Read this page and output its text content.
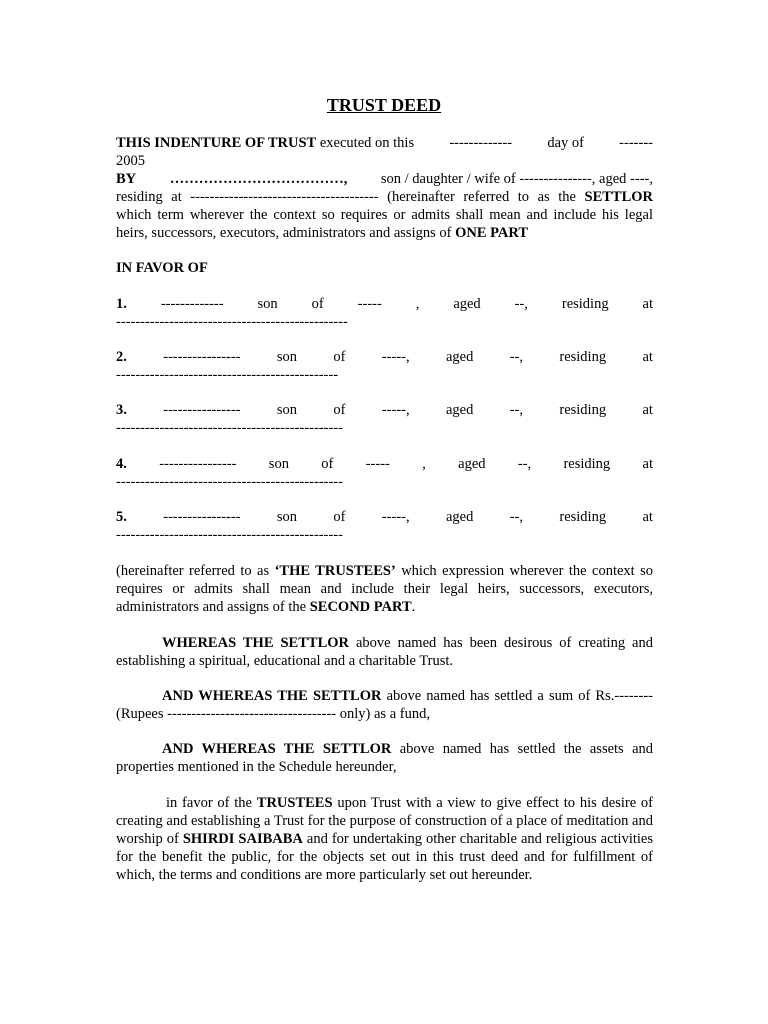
TRUST DEED
THIS INDENTURE OF TRUST executed on this ------------- day of -------
2005
BY ………………………………, son / daughter / wife of ---------------, aged ----,
residing at --------------------------------------- (hereinafter referred to as the SETTLOR
which term wherever the context so requires or admits shall mean and include his legal
heirs, successors, executors, administrators and assigns of ONE PART
IN FAVOR OF
1. ------------- son of ----- , aged --, residing at
------------------------------------------------
2.	----------------	son	of	-----,	aged	--,	residing	at
----------------------------------------------
3.	----------------	son	of	-----,	aged	--,	residing	at
-----------------------------------------------
4. ---------------- son of ----- , aged --, residing at
-----------------------------------------------
5.	----------------	son	of	-----,	aged	--,	residing	at
-----------------------------------------------
(hereinafter referred to as ‘THE TRUSTEES’ which expression wherever the context so requires or admits shall mean and include their legal heirs, successors, executors, administrators and assigns of the SECOND PART.
WHEREAS THE SETTLOR above named has been desirous of creating and establishing a spiritual, educational and a charitable Trust.
AND WHEREAS THE SETTLOR above named has settled a sum of Rs.-------- (Rupees ----------------------------------- only) as a fund,
AND WHEREAS THE SETTLOR above named has settled the assets and properties mentioned in the Schedule hereunder,
in favor of the TRUSTEES upon Trust with a view to give effect to his desire of creating and establishing a Trust for the purpose of construction of a place of meditation and worship of SHIRDI SAIBABA and for undertaking other charitable and religious activities for the benefit the public, for the objects set out in this trust deed and for fulfillment of which, the terms and conditions are more particularly set out hereunder.
